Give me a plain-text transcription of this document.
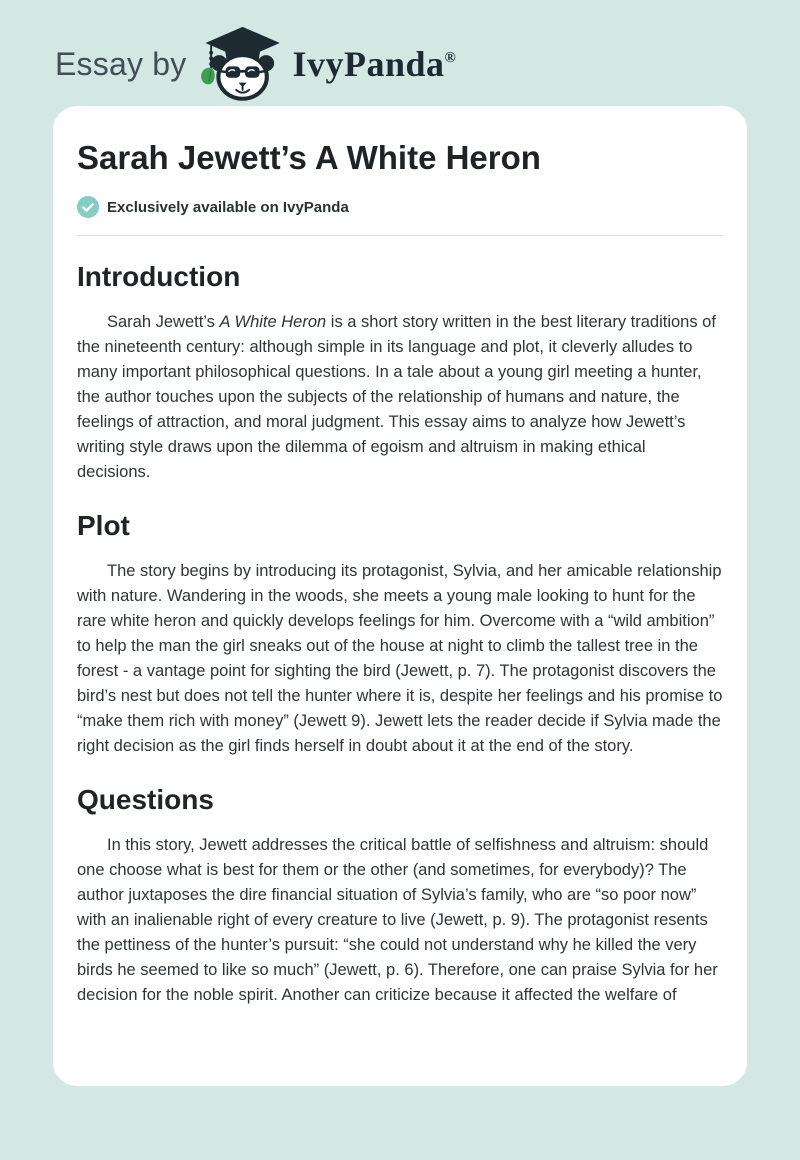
Essay by	IvyPanda®
Sarah Jewett’s A White Heron
Exclusively available on IvyPanda
Introduction

Sarah Jewett’s A White Heron is a short story written in the best literary traditions of the nineteenth century: although simple in its language and plot, it cleverly alludes to many important philosophical questions. In a tale about a young girl meeting a hunter, the author touches upon the subjects of the relationship of humans and nature, the feelings of attraction, and moral judgment. This essay aims to analyze how Jewett’s writing style draws upon the dilemma of egoism and altruism in making ethical decisions.

Plot

The story begins by introducing its protagonist, Sylvia, and her amicable relationship with nature. Wandering in the woods, she meets a young male looking to hunt for the rare white heron and quickly develops feelings for him. Overcome with a “wild ambition” to help the man the girl sneaks out of the house at night to climb the tallest tree in the forest - a vantage point for sighting the bird (Jewett, p. 7). The protagonist discovers the bird’s nest but does not tell the hunter where it is, despite her feelings and his promise to “make them rich with money” (Jewett 9). Jewett lets the reader decide if Sylvia made the right decision as the girl finds herself in doubt about it at the end of the story.

Questions

In this story, Jewett addresses the critical battle of selfishness and altruism: should one choose what is best for them or the other (and sometimes, for everybody)? The author juxtaposes the dire financial situation of Sylvia’s family, who are “so poor now” with an inalienable right of every creature to live (Jewett, p. 9). The protagonist resents the pettiness of the hunter’s pursuit: “she could not understand why he killed the very birds he seemed to like so much” (Jewett, p. 6). Therefore, one can praise Sylvia for her decision for the noble spirit. Another can criticize because it affected the welfare of
